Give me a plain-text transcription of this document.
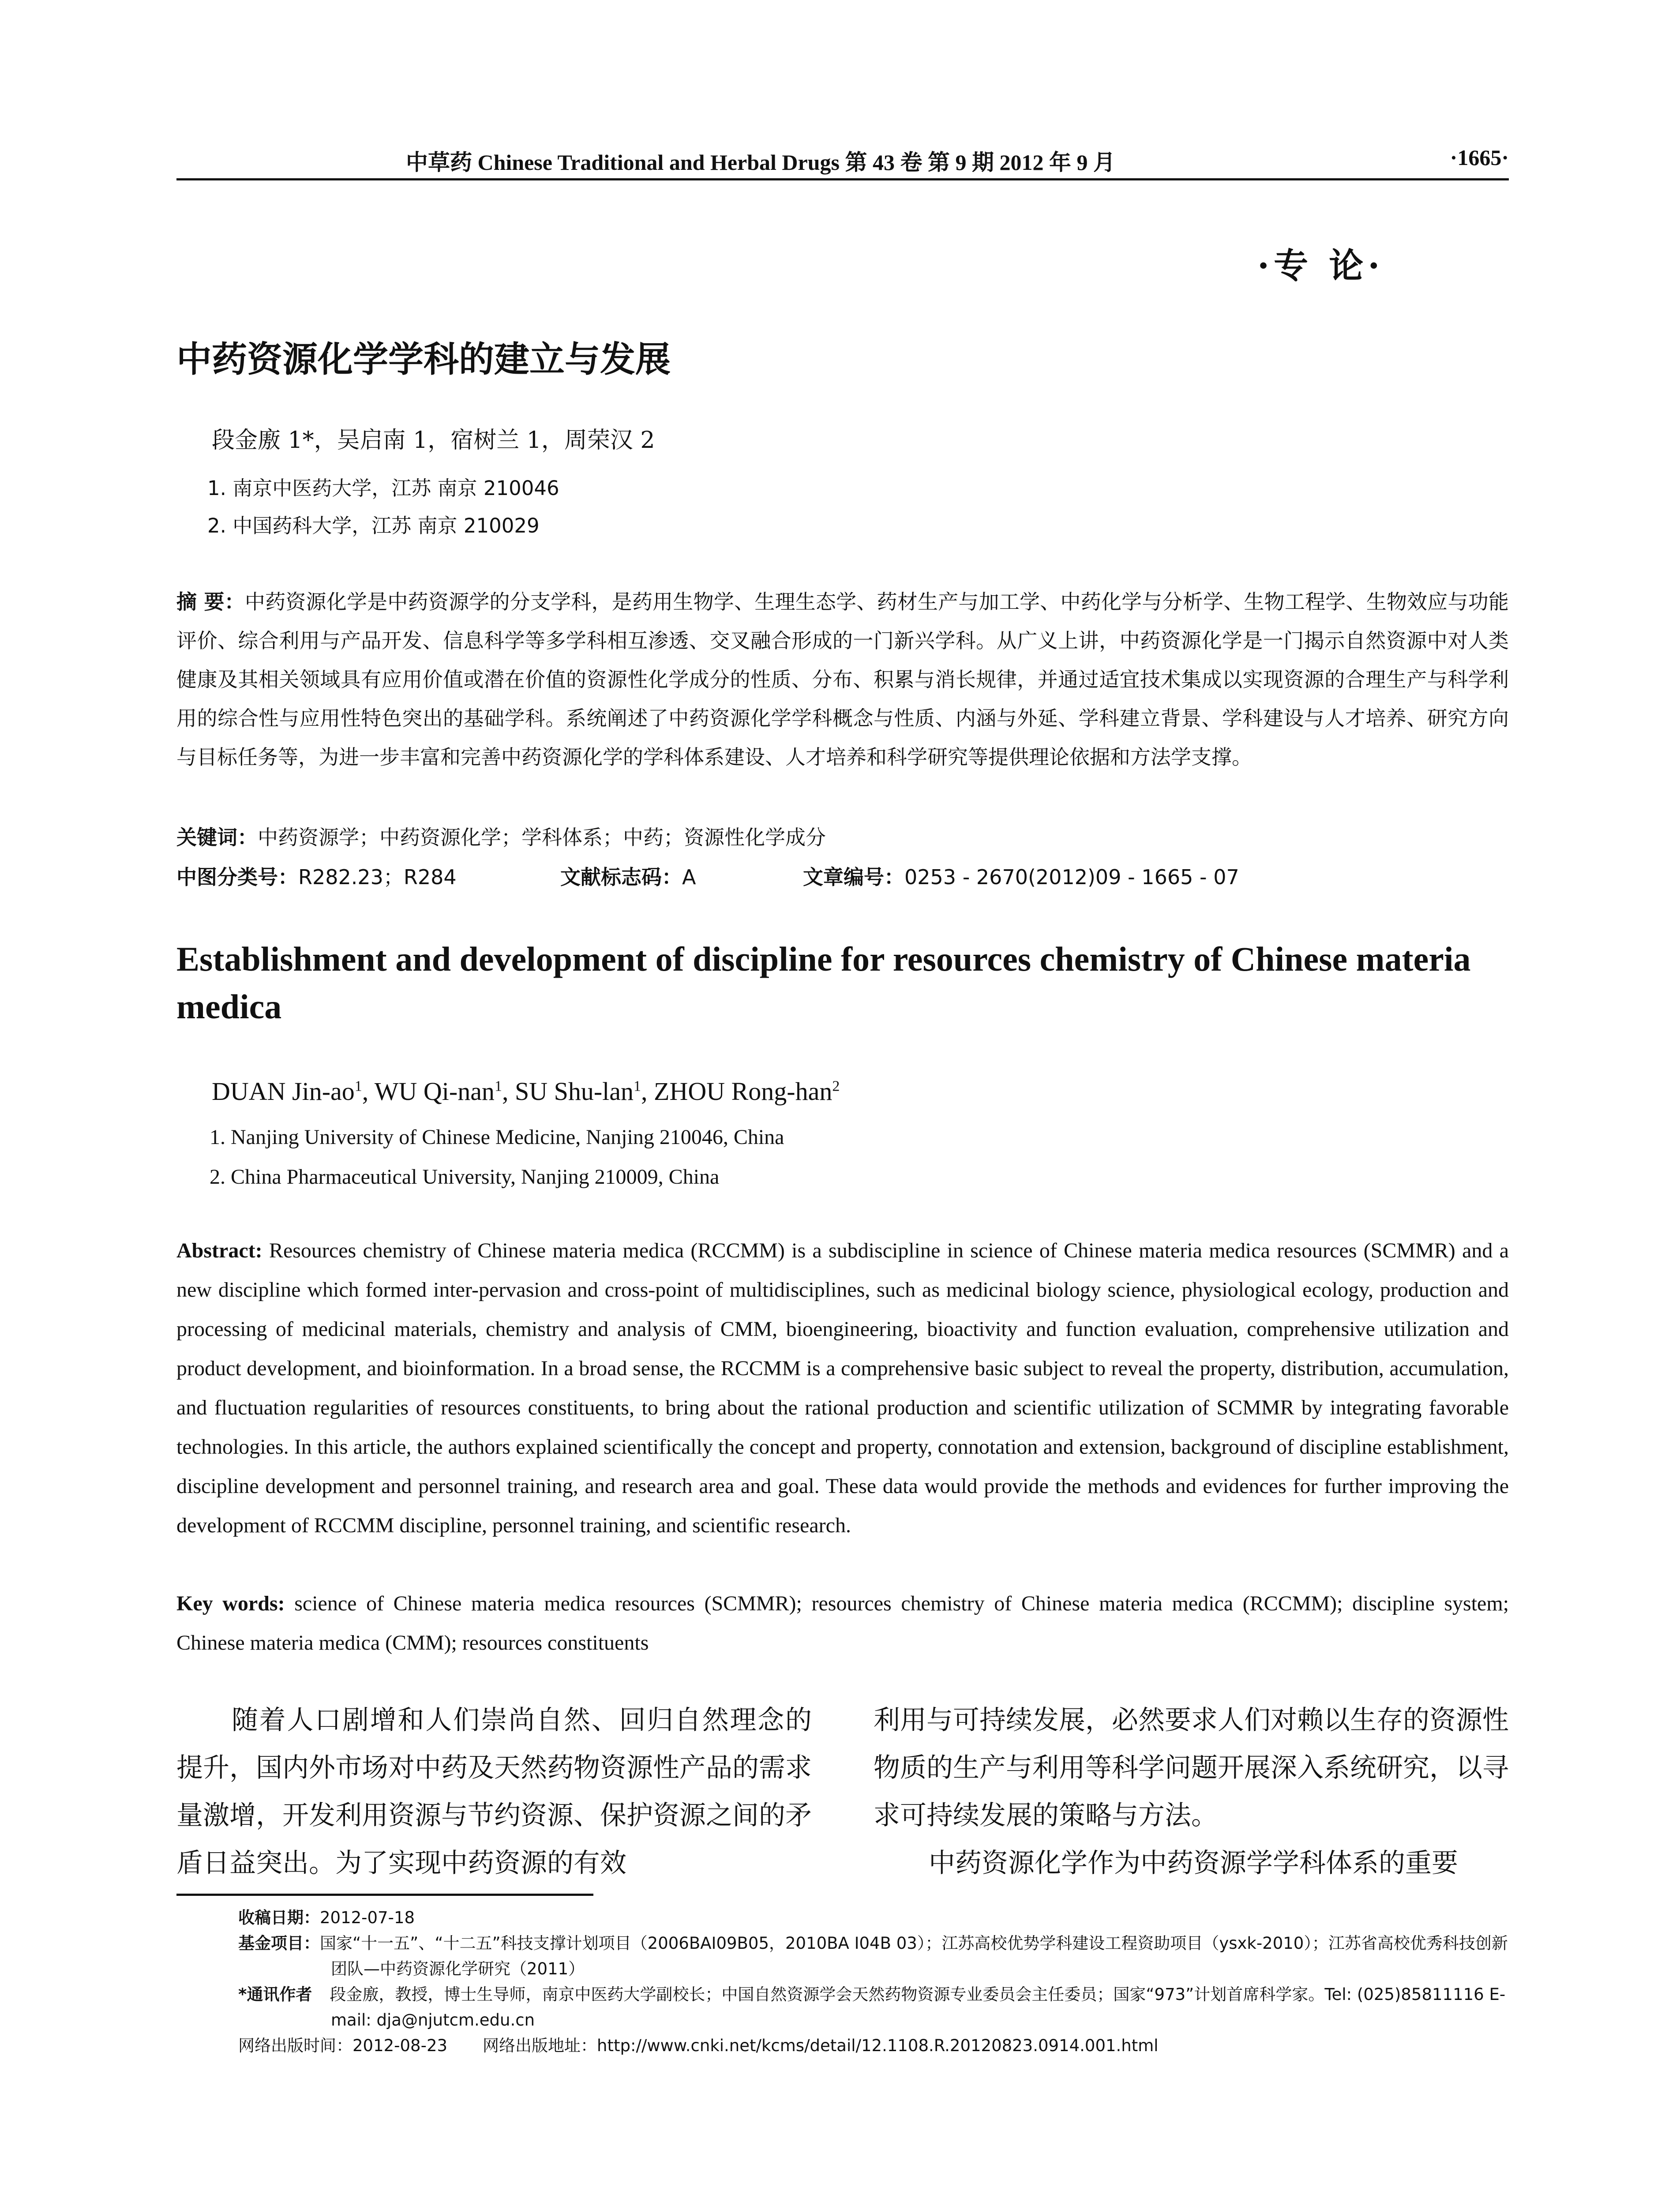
中草药 Chinese Traditional and Herbal Drugs 第 43 卷 第 9 期 2012 年 9 月	·1665·
·专 论·
中药资源化学学科的建立与发展
段金廒 1*，吴启南 1，宿树兰 1，周荣汉 2
1. 南京中医药大学，江苏 南京 210046
2. 中国药科大学，江苏 南京 210029
摘 要：中药资源化学是中药资源学的分支学科，是药用生物学、生理生态学、药材生产与加工学、中药化学与分析学、生物工程学、生物效应与功能评价、综合利用与产品开发、信息科学等多学科相互渗透、交叉融合形成的一门新兴学科。从广义上讲，中药资源化学是一门揭示自然资源中对人类健康及其相关领域具有应用价值或潜在价值的资源性化学成分的性质、分布、积累与消长规律，并通过适宜技术集成以实现资源的合理生产与科学利用的综合性与应用性特色突出的基础学科。系统阐述了中药资源化学学科概念与性质、内涵与外延、学科建立背景、学科建设与人才培养、研究方向与目标任务等，为进一步丰富和完善中药资源化学的学科体系建设、人才培养和科学研究等提供理论依据和方法学支撑。
关键词：中药资源学；中药资源化学；学科体系；中药；资源性化学成分
中图分类号：R282.23；R284	文献标志码：A	文章编号：0253 - 2670(2012)09 - 1665 - 07
Establishment and development of discipline for resources chemistry of Chinese materia medica
DUAN Jin-$ao^1$, WU Qi-nan$^1$, SU Shu-lan$^1$, ZHOU Rong-han$^2$
1. Nanjing University of Chinese Medicine, Nanjing 210046, China
2. China Pharmaceutical University, Nanjing 210009, China
Abstract: Resources chemistry of Chinese materia medica (RCCMM) is a subdiscipline in science of Chinese materia medica resources (SCMMR) and a new discipline which formed inter-pervasion and cross-point of multidisciplines, such as medicinal biology science, physiological ecology, production and processing of medicinal materials, chemistry and analysis of CMM, bioengineering, bioactivity and function evaluation, comprehensive utilization and product development, and bioinformation. In a broad sense, the RCCMM is a comprehensive basic subject to reveal the property, distribution, accumulation, and fluctuation regularities of resources constituents, to bring about the rational production and scientific utilization of SCMMR by integrating favorable technologies. In this article, the authors explained scientifically the concept and property, connotation and extension, background of discipline establishment, discipline development and personnel training, and research area and goal. These data would provide the methods and evidences for further improving the development of RCCMM discipline, personnel training, and scientific research.
Key words: science of Chinese materia medica resources (SCMMR); resources chemistry of Chinese materia medica (RCCMM); discipline system; Chinese materia medica (CMM); resources constituents

随着人口剧增和人们崇尚自然、回归自然理念的提升，国内外市场对中药及天然药物资源性产品的需求量激增，开发利用资源与节约资源、保护资源之间的矛盾日益突出。为了实现中药资源的有效

利用与可持续发展，必然要求人们对赖以生存的资源性物质的生产与利用等科学问题开展深入系统研究，以寻求可持续发展的策略与方法。

中药资源化学作为中药资源学学科体系的重要

收稿日期：2012-07-18
基金项目：国家“十一五”、“十二五”科技支撑计划项目（2006BAI09B05，2010BA I04B 03）；江苏高校优势学科建设工程资助项目（ysxk-2010）；江苏省高校优秀科技创新团队—中药资源化学研究（2011）
*通讯作者 段金廒，教授，博士生导师，南京中医药大学副校长；中国自然资源学会天然药物资源专业委员会主任委员；国家“973”计划首席科学家。Tel: (025)85811116 E-mail: dja@njutcm.edu.cn
网络出版时间：2012-08-23 网络出版地址：http://www.cnki.net/kcms/detail/12.1108.R.20120823.0914.001.html
